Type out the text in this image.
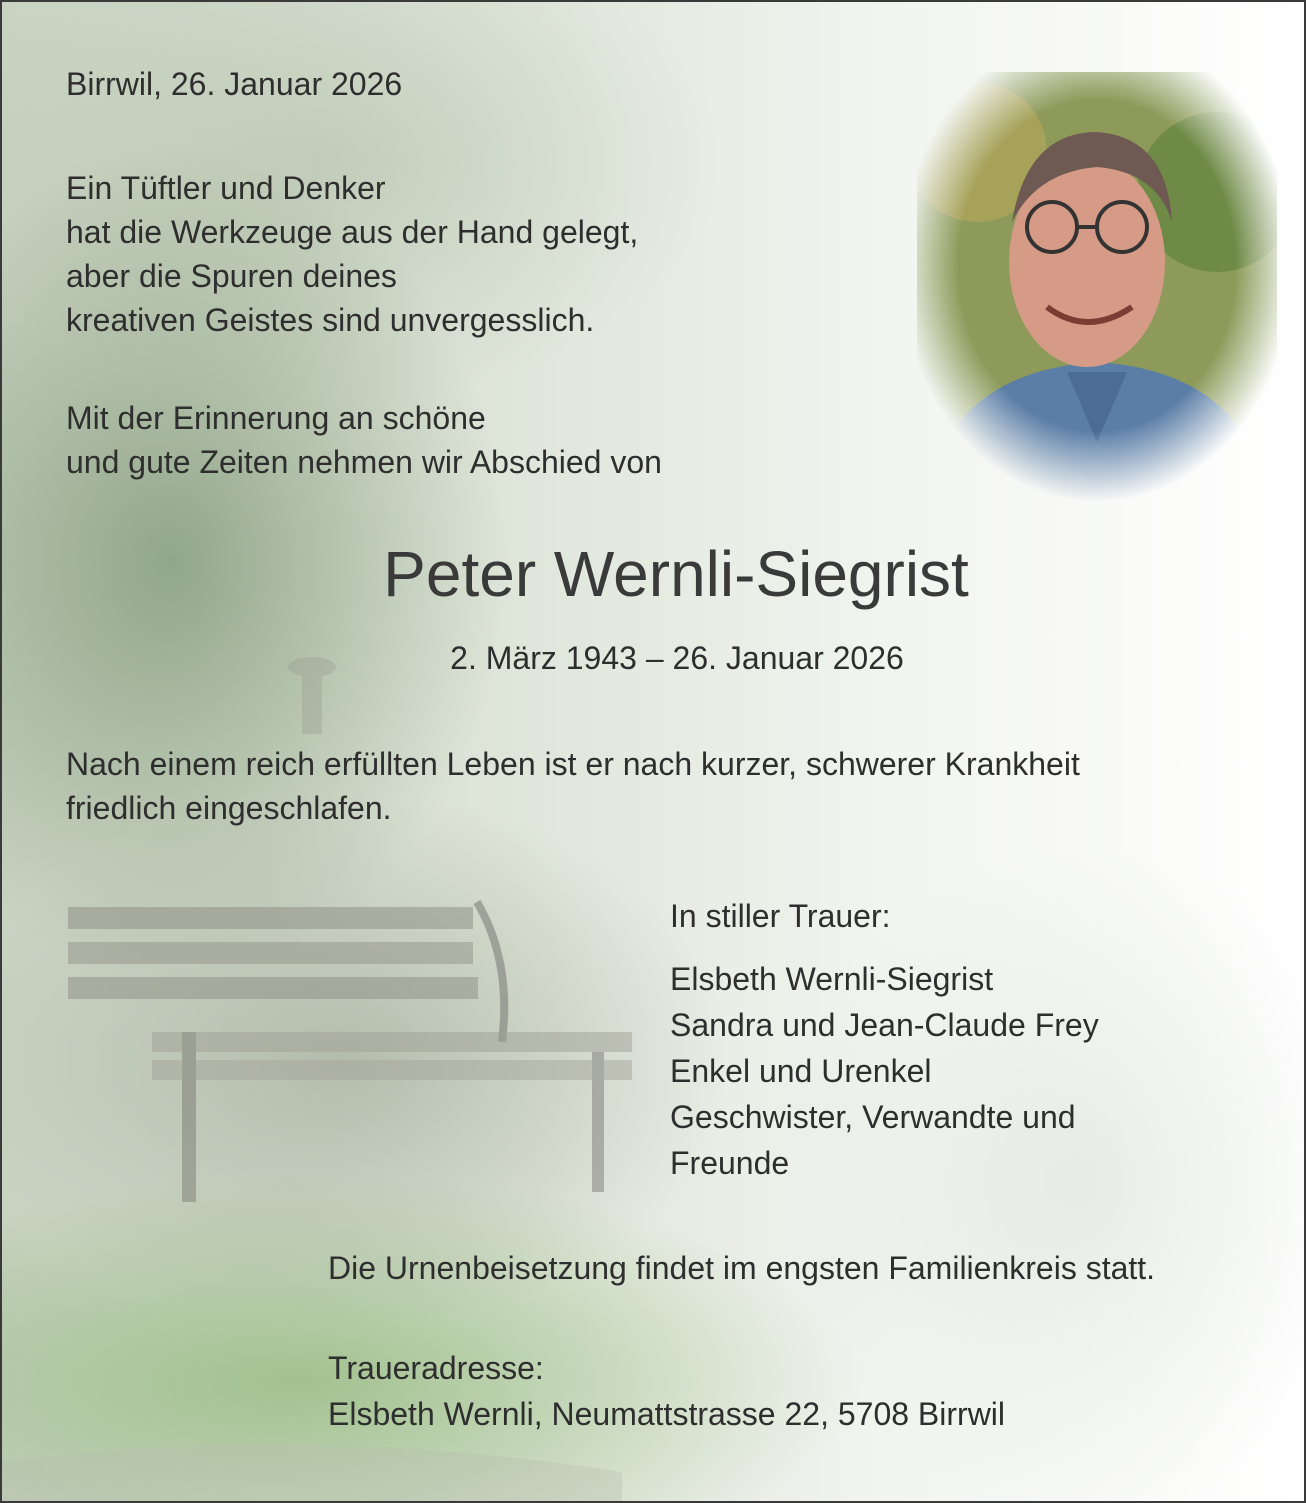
Birrwil, 26. Januar 2026
Ein Tüftler und Denker
hat die Werkzeuge aus der Hand gelegt,
aber die Spuren deines
kreativen Geistes sind unvergesslich.
Mit der Erinnerung an schöne
und gute Zeiten nehmen wir Abschied von
Peter Wernli-Siegrist
2. März 1943 – 26. Januar 2026
Nach einem reich erfüllten Leben ist er nach kurzer, schwerer Krankheit
friedlich eingeschlafen.
In stiller Trauer:
Elsbeth Wernli-Siegrist
Sandra und Jean-Claude Frey
Enkel und Urenkel
Geschwister, Verwandte und
Freunde
Die Urnenbeisetzung findet im engsten Familienkreis statt.
Traueradresse:
Elsbeth Wernli, Neumattstrasse 22, 5708 Birrwil
